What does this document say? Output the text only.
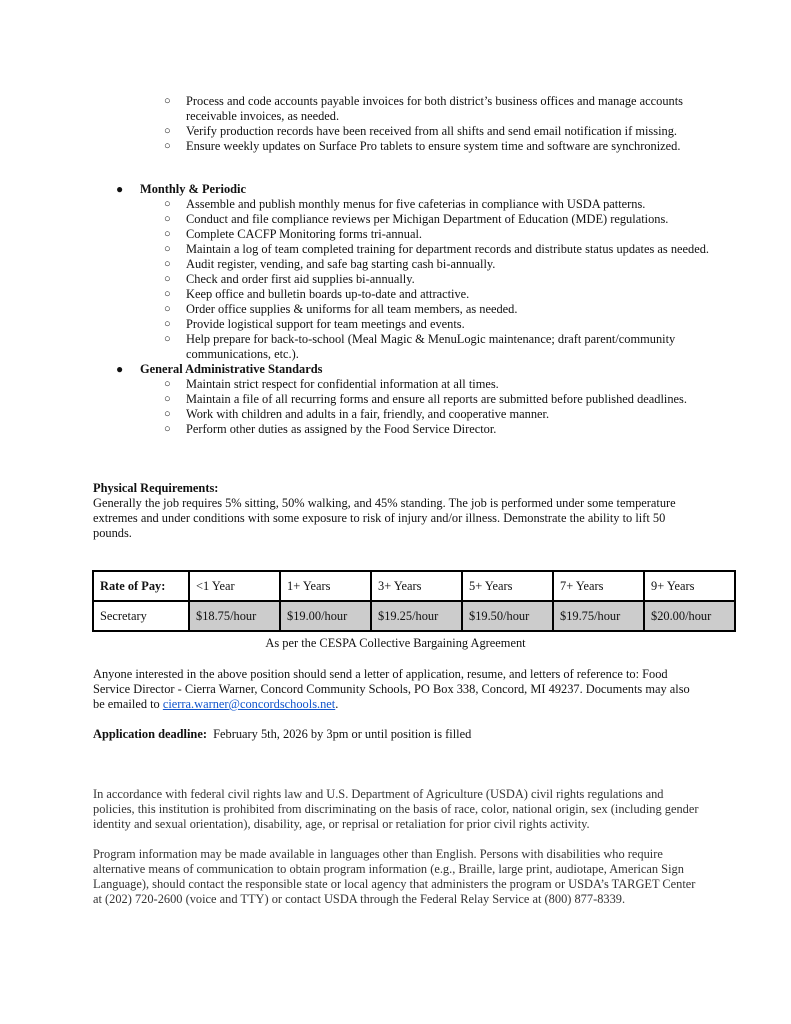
○ Process and code accounts payable invoices for both district’s business offices and manage accounts receivable invoices, as needed.
○ Verify production records have been received from all shifts and send email notification if missing.
○ Ensure weekly updates on Surface Pro tablets to ensure system time and software are synchronized.
● Monthly & Periodic
○ Assemble and publish monthly menus for five cafeterias in compliance with USDA patterns.
○ Conduct and file compliance reviews per Michigan Department of Education (MDE) regulations.
○ Complete CACFP Monitoring forms tri-annual.
○ Maintain a log of team completed training for department records and distribute status updates as needed.
○ Audit register, vending, and safe bag starting cash bi-annually.
○ Check and order first aid supplies bi-annually.
○ Keep office and bulletin boards up-to-date and attractive.
○ Order office supplies & uniforms for all team members, as needed.
○ Provide logistical support for team meetings and events.
○ Help prepare for back-to-school (Meal Magic & MenuLogic maintenance; draft parent/community communications, etc.).
● General Administrative Standards
○ Maintain strict respect for confidential information at all times.
○ Maintain a file of all recurring forms and ensure all reports are submitted before published deadlines.
○ Work with children and adults in a fair, friendly, and cooperative manner.
○ Perform other duties as assigned by the Food Service Director.
Physical Requirements:
Generally the job requires 5% sitting, 50% walking, and 45% standing. The job is performed under some temperature extremes and under conditions with some exposure to risk of injury and/or illness. Demonstrate the ability to lift 50 pounds.
Rate of Pay:	<1 Year	1+ Years	3+ Years	5+ Years	7+ Years	9+ Years
Secretary	$18.75/hour	$19.00/hour	$19.25/hour	$19.50/hour	$19.75/hour	$20.00/hour
As per the CESPA Collective Bargaining Agreement
Anyone interested in the above position should send a letter of application, resume, and letters of reference to: Food Service Director - Cierra Warner, Concord Community Schools, PO Box 338, Concord, MI 49237. Documents may also be emailed to cierra.warner@concordschools.net.
Application deadline:  February 5th, 2026 by 3pm or until position is filled
In accordance with federal civil rights law and U.S. Department of Agriculture (USDA) civil rights regulations and policies, this institution is prohibited from discriminating on the basis of race, color, national origin, sex (including gender identity and sexual orientation), disability, age, or reprisal or retaliation for prior civil rights activity.
Program information may be made available in languages other than English. Persons with disabilities who require alternative means of communication to obtain program information (e.g., Braille, large print, audiotape, American Sign Language), should contact the responsible state or local agency that administers the program or USDA’s TARGET Center at (202) 720-2600 (voice and TTY) or contact USDA through the Federal Relay Service at (800) 877-8339.
